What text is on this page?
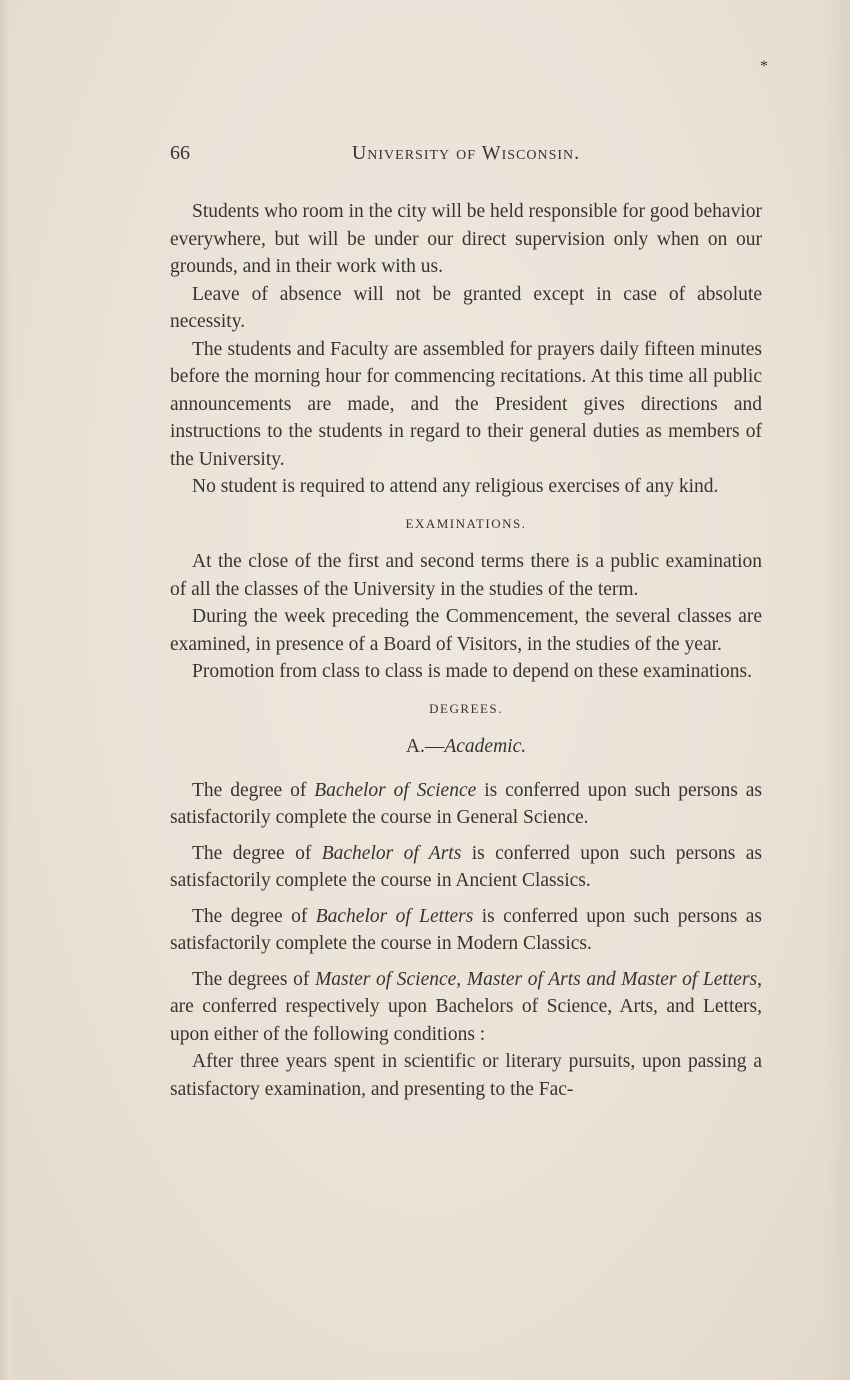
*
66	University of Wisconsin.

Students who room in the city will be held responsible for good behavior everywhere, but will be under our direct supervision only when on our grounds, and in their work with us.

Leave of absence will not be granted except in case of absolute necessity.

The students and Faculty are assembled for prayers daily fifteen minutes before the morning hour for commencing recitations. At this time all public announcements are made, and the President gives directions and instructions to the students in regard to their general duties as members of the University.

No student is required to attend any religious exercises of any kind.

EXAMINATIONS.

At the close of the first and second terms there is a public examination of all the classes of the University in the studies of the term.

During the week preceding the Commencement, the several classes are examined, in presence of a Board of Visitors, in the studies of the year.

Promotion from class to class is made to depend on these examinations.

DEGREES.
A.—Academic.

The degree of Bachelor of Science is conferred upon such persons as satisfactorily complete the course in General Science.

The degree of Bachelor of Arts is conferred upon such persons as satisfactorily complete the course in Ancient Classics.

The degree of Bachelor of Letters is conferred upon such persons as satisfactorily complete the course in Modern Classics.

The degrees of Master of Science, Master of Arts and Master of Letters, are conferred respectively upon Bachelors of Science, Arts, and Letters, upon either of the following conditions :

After three years spent in scientific or literary pursuits, upon passing a satisfactory examination, and presenting to the Fac-
